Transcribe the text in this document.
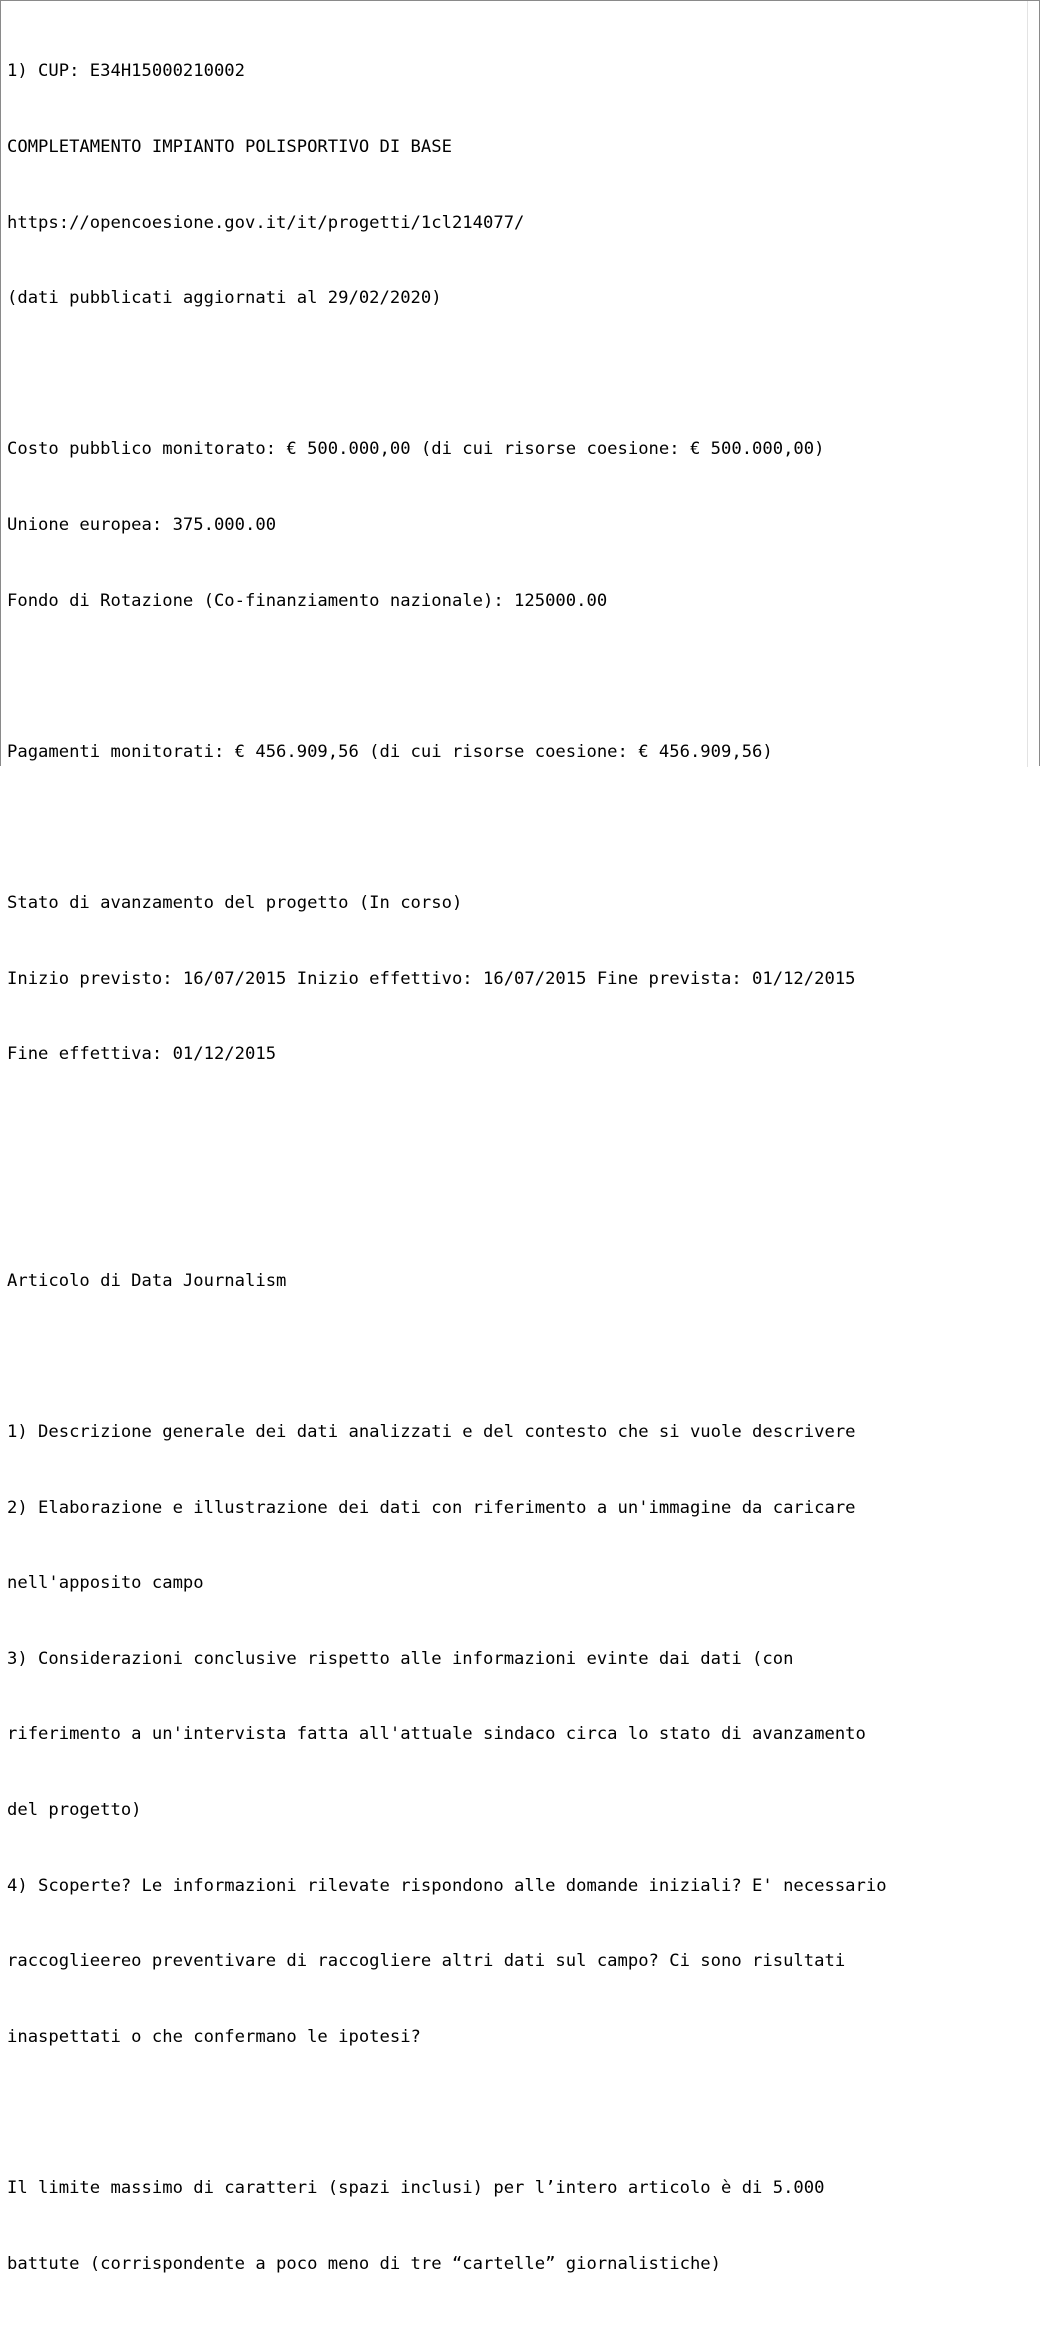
1) CUP: E34H15000210002

COMPLETAMENTO IMPIANTO POLISPORTIVO DI BASE

https://opencoesione.gov.it/it/progetti/1cl214077/

(dati pubblicati aggiornati al 29/02/2020)

Costo pubblico monitorato: € 500.000,00 (di cui risorse coesione: € 500.000,00)

Unione europea: 375.000.00

Fondo di Rotazione (Co-finanziamento nazionale): 125000.00

Pagamenti monitorati: € 456.909,56 (di cui risorse coesione: € 456.909,56)

Stato di avanzamento del progetto (In corso)

Inizio previsto: 16/07/2015 Inizio effettivo: 16/07/2015 Fine prevista: 01/12/2015

Fine effettiva: 01/12/2015

Articolo di Data Journalism

1) Descrizione generale dei dati analizzati e del contesto che si vuole descrivere

2) Elaborazione e illustrazione dei dati con riferimento a un'immagine da caricare

nell'apposito campo

3) Considerazioni conclusive rispetto alle informazioni evinte dai dati (con

riferimento a un'intervista fatta all'attuale sindaco circa lo stato di avanzamento

del progetto)

4) Scoperte? Le informazioni rilevate rispondono alle domande iniziali? E' necessario

raccoglieereo preventivare di raccogliere altri dati sul campo? Ci sono risultati

inaspettati o che confermano le ipotesi?

Il limite massimo di caratteri (spazi inclusi) per l’intero articolo è di 5.000

battute (corrispondente a poco meno di tre “cartelle” giornalistiche)
